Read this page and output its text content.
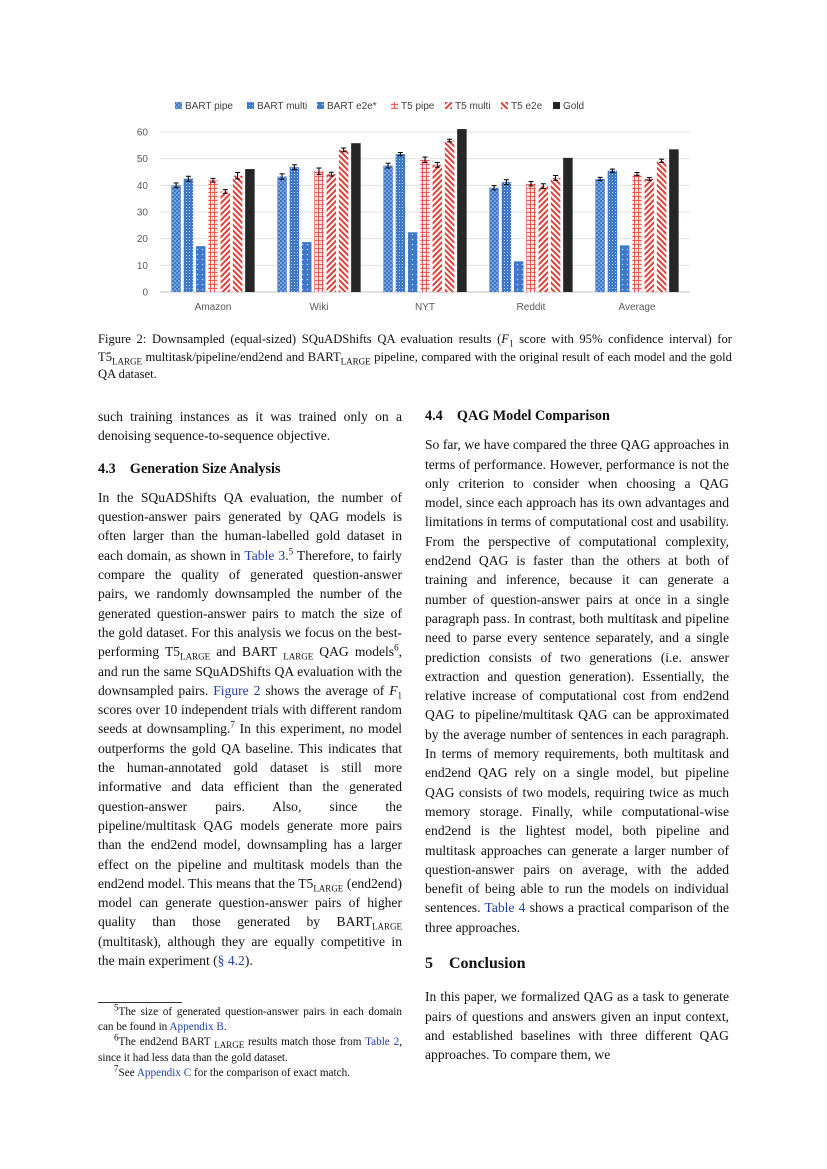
BART pipe BART multi BART e2e* T5 pipe T5 multi T5 e2e Gold
0
10
20
30
40
50
60
Amazon	Wiki	NYT	Reddit	Average
Figure 2: Downsampled (equal-sized) SQuADShifts QA evaluation results ($F_1$ score with 95% confidence interval) for $T5_{LARGE}$ multitask/pipeline/end2end and $BART_{LARGE}$ pipeline, compared with the original result of each model and the gold QA dataset.

such training instances as it was trained only on a denoising sequence-to-sequence objective.

4.3 Generation Size Analysis

In the SQuADShifts QA evaluation, the number of question-answer pairs generated by QAG models is often larger than the human-labelled gold dataset in each domain, as shown in Table 3.$^5$ Therefore, to fairly compare the quality of generated question-answer pairs, we randomly downsampled the number of the generated question-answer pairs to match the size of the gold dataset. For this analysis we focus on the best-performing $T5_{LARGE}$ and BART $_{LARGE}$ QAG models$^6$, and run the same SQuADShifts QA evaluation with the downsampled pairs. Figure 2 shows the average of $F_1$ scores over 10 independent trials with different random seeds at downsampling.$^7$ In this experiment, no model outperforms the gold QA baseline. This indicates that the human-annotated gold dataset is still more informative and data efficient than the generated question-answer pairs. Also, since the pipeline/multitask QAG models generate more pairs than the end2end model, downsampling has a larger effect on the pipeline and multitask models than the end2end model. This means that the $T5_{LARGE}$ (end2end) model can generate question-answer pairs of higher quality than those generated by $BART_{LARGE}$ (multitask), although they are equally competitive in the main experiment (§ 4.2).

$^5$The size of generated question-answer pairs in each domain can be found in Appendix B.

$^6$The end2end BART $_{LARGE}$ results match those from Table 2, since it had less data than the gold dataset.

$^7$See Appendix C for the comparison of exact match.

4.4 QAG Model Comparison

So far, we have compared the three QAG approaches in terms of performance. However, performance is not the only criterion to consider when choosing a QAG model, since each approach has its own advantages and limitations in terms of computational cost and usability. From the perspective of computational complexity, end2end QAG is faster than the others at both of training and inference, because it can generate a number of question-answer pairs at once in a single paragraph pass. In contrast, both multitask and pipeline need to parse every sentence separately, and a single prediction consists of two generations (i.e. answer extraction and question generation). Essentially, the relative increase of computational cost from end2end QAG to pipeline/multitask QAG can be approximated by the average number of sentences in each paragraph. In terms of memory requirements, both multitask and end2end QAG rely on a single model, but pipeline QAG consists of two models, requiring twice as much memory storage. Finally, while computational-wise end2end is the lightest model, both pipeline and multitask approaches can generate a larger number of question-answer pairs on average, with the added benefit of being able to run the models on individual sentences. Table 4 shows a practical comparison of the three approaches.

5 Conclusion

In this paper, we formalized QAG as a task to generate pairs of questions and answers given an input context, and established baselines with three different QAG approaches. To compare them, we
